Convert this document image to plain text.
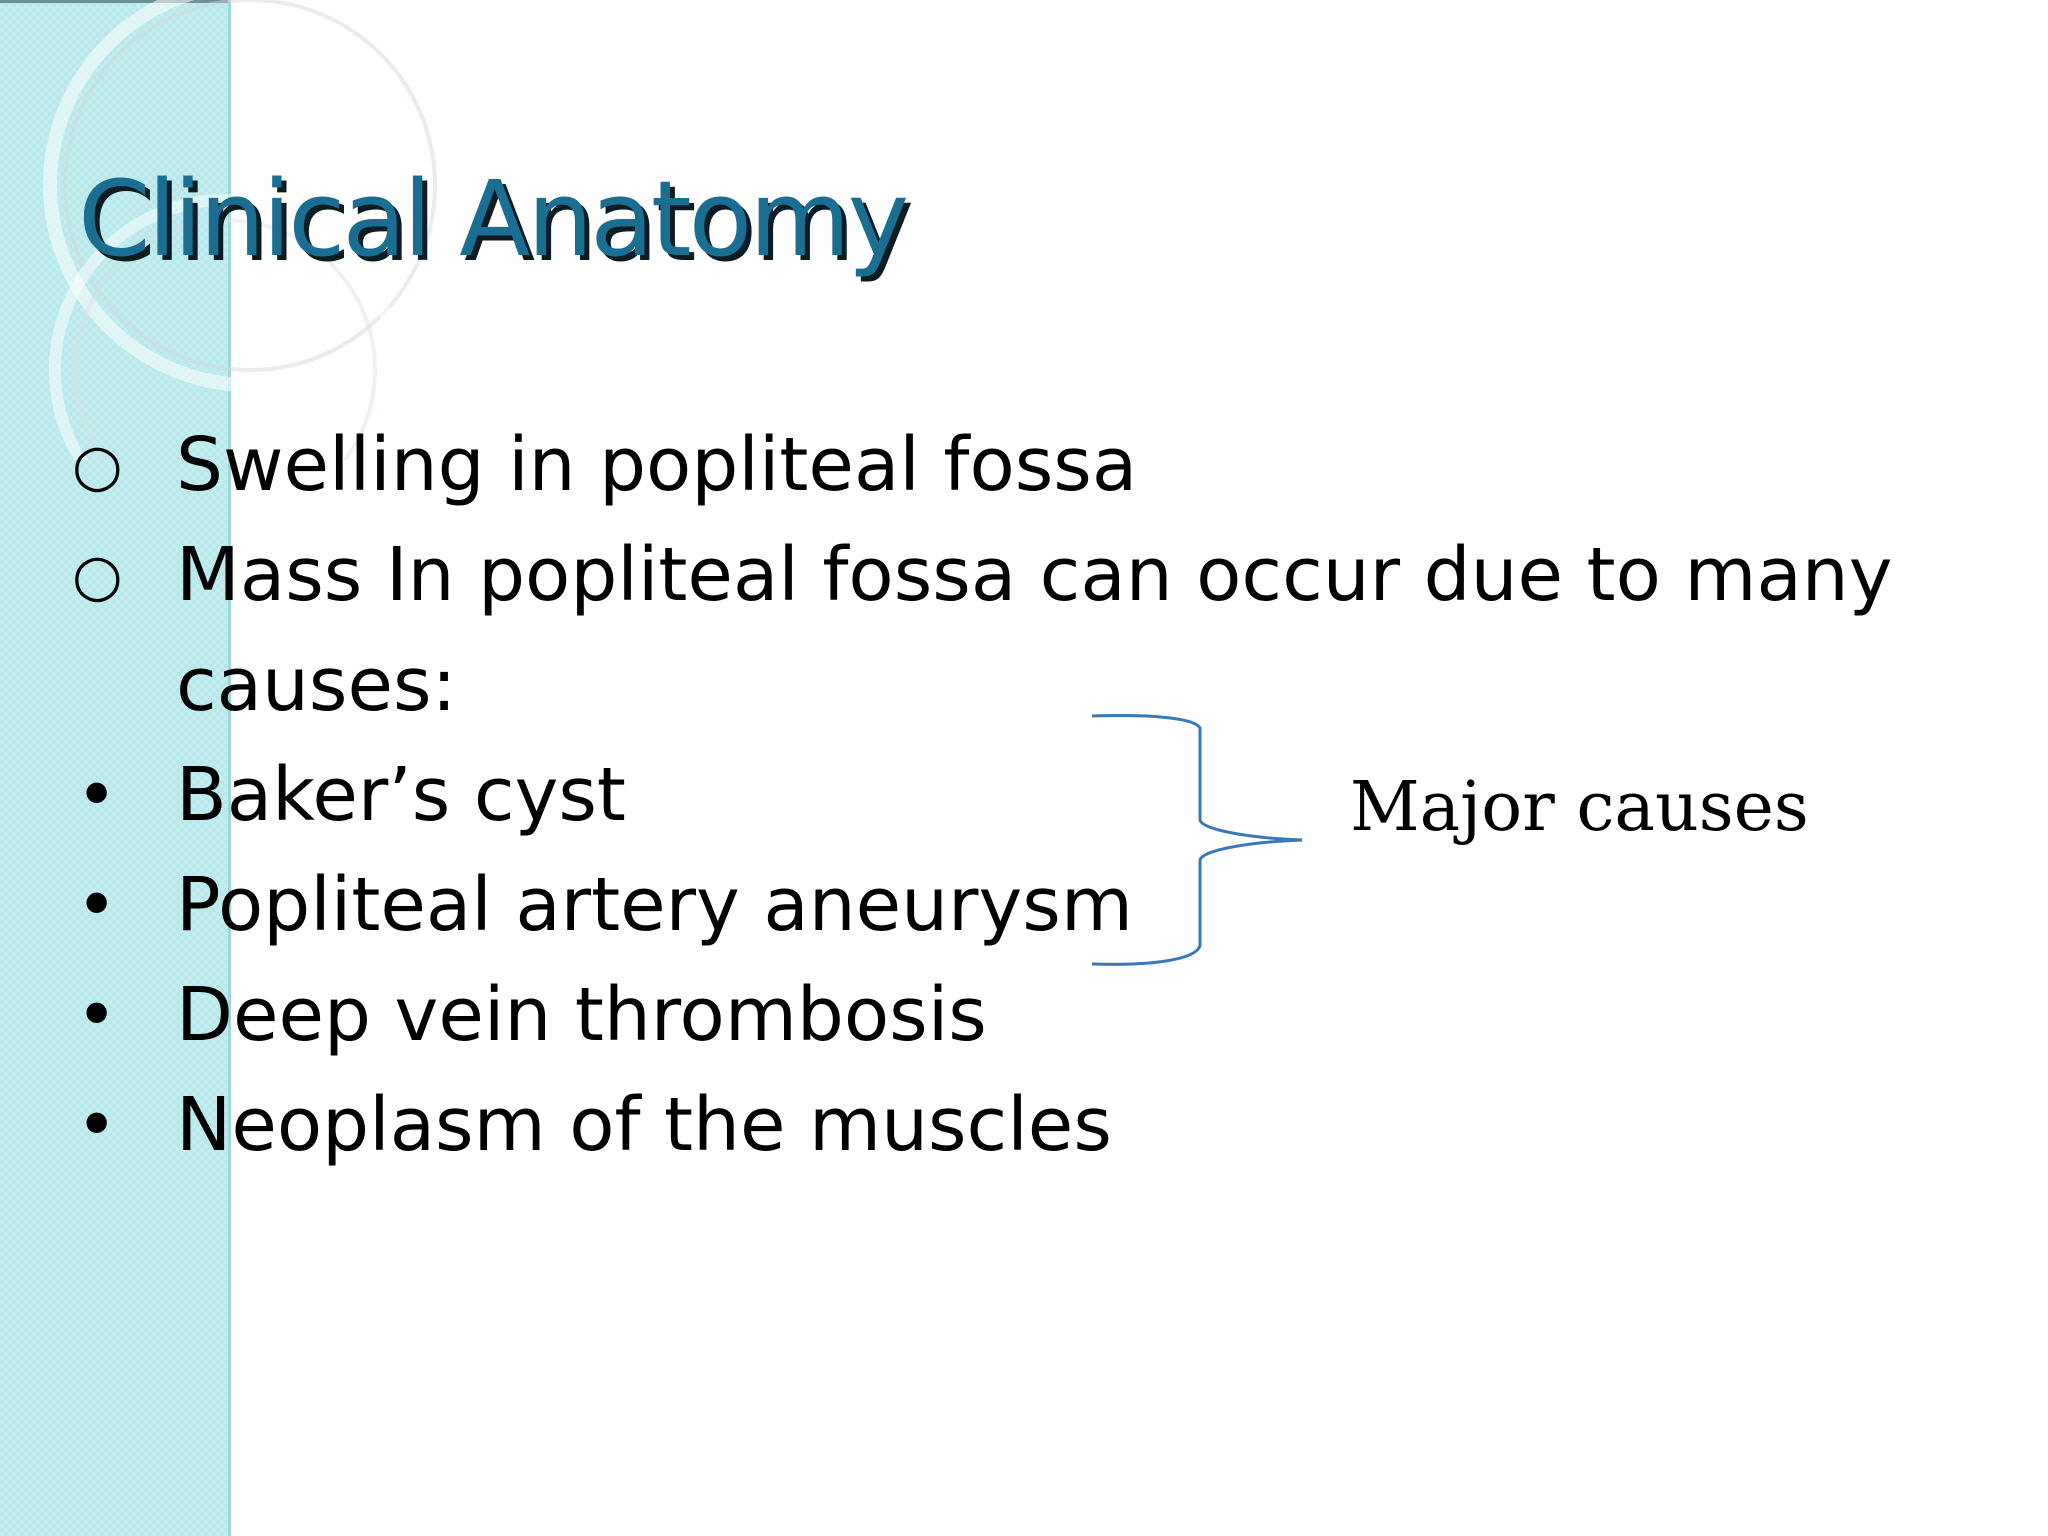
Clinical Anatomy
○ Swelling in popliteal fossa
○ Mass In popliteal fossa can occur due to many
causes:
• Baker’s cyst
• Popliteal artery aneurysm
• Deep vein thrombosis
• Neoplasm of the muscles
Major causes
